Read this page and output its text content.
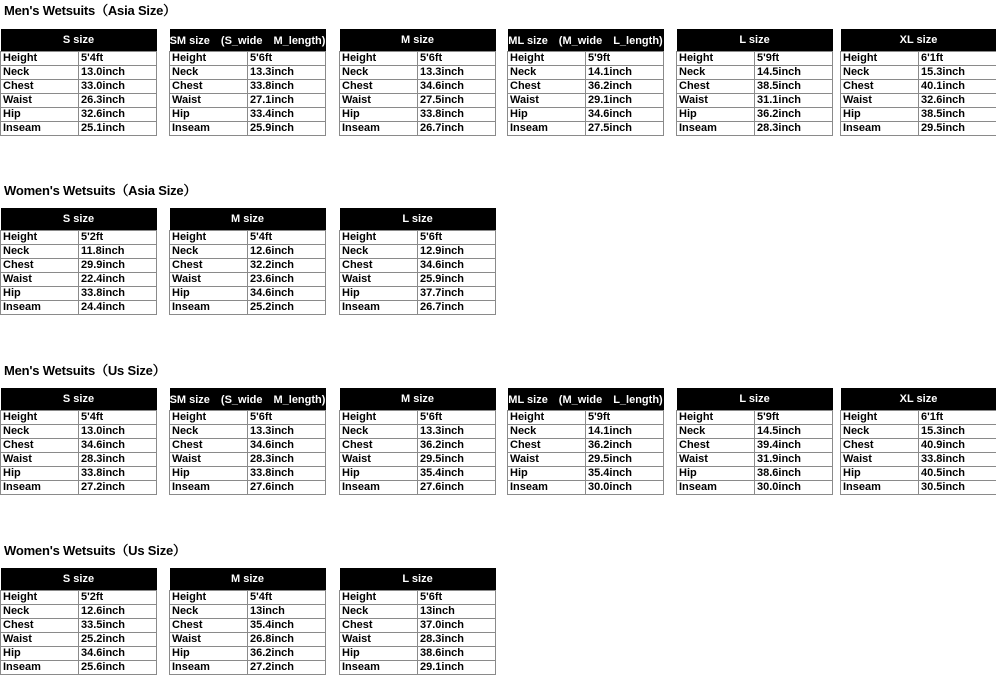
Men's Wetsuits（Asia Size）
S size	
Height	5'4ft
Neck	13.0inch
Chest	33.0inch
Waist	26.3inch
Hip	32.6inch
Inseam	25.1inch
SM size　(S_wide　M_length)	
Height	5'6ft
Neck	13.3inch
Chest	33.8inch
Waist	27.1inch
Hip	33.4inch
Inseam	25.9inch
M size	
Height	5'6ft
Neck	13.3inch
Chest	34.6inch
Waist	27.5inch
Hip	33.8inch
Inseam	26.7inch
ML size　(M_wide　L_length)	
Height	5'9ft
Neck	14.1inch
Chest	36.2inch
Waist	29.1inch
Hip	34.6inch
Inseam	27.5inch
L size	
Height	5'9ft
Neck	14.5inch
Chest	38.5inch
Waist	31.1inch
Hip	36.2inch
Inseam	28.3inch
XL size	
Height	6'1ft
Neck	15.3inch
Chest	40.1inch
Waist	32.6inch
Hip	38.5inch
Inseam	29.5inch
Women's Wetsuits（Asia Size）
S size	
Height	5'2ft
Neck	11.8inch
Chest	29.9inch
Waist	22.4inch
Hip	33.8inch
Inseam	24.4inch
M size	
Height	5'4ft
Neck	12.6inch
Chest	32.2inch
Waist	23.6inch
Hip	34.6inch
Inseam	25.2inch
L size	
Height	5'6ft
Neck	12.9inch
Chest	34.6inch
Waist	25.9inch
Hip	37.7inch
Inseam	26.7inch
Men's Wetsuits（Us Size）
S size	
Height	5'4ft
Neck	13.0inch
Chest	34.6inch
Waist	28.3inch
Hip	33.8inch
Inseam	27.2inch
SM size　(S_wide　M_length)	
Height	5'6ft
Neck	13.3inch
Chest	34.6inch
Waist	28.3inch
Hip	33.8inch
Inseam	27.6inch
M size	
Height	5'6ft
Neck	13.3inch
Chest	36.2inch
Waist	29.5inch
Hip	35.4inch
Inseam	27.6inch
ML size　(M_wide　L_length)	
Height	5'9ft
Neck	14.1inch
Chest	36.2inch
Waist	29.5inch
Hip	35.4inch
Inseam	30.0inch
L size	
Height	5'9ft
Neck	14.5inch
Chest	39.4inch
Waist	31.9inch
Hip	38.6inch
Inseam	30.0inch
XL size	
Height	6'1ft
Neck	15.3inch
Chest	40.9inch
Waist	33.8inch
Hip	40.5inch
Inseam	30.5inch
Women's Wetsuits（Us Size）
S size	
Height	5'2ft
Neck	12.6inch
Chest	33.5inch
Waist	25.2inch
Hip	34.6inch
Inseam	25.6inch
M size	
Height	5'4ft
Neck	13inch
Chest	35.4inch
Waist	26.8inch
Hip	36.2inch
Inseam	27.2inch
L size	
Height	5'6ft
Neck	13inch
Chest	37.0inch
Waist	28.3inch
Hip	38.6inch
Inseam	29.1inch
